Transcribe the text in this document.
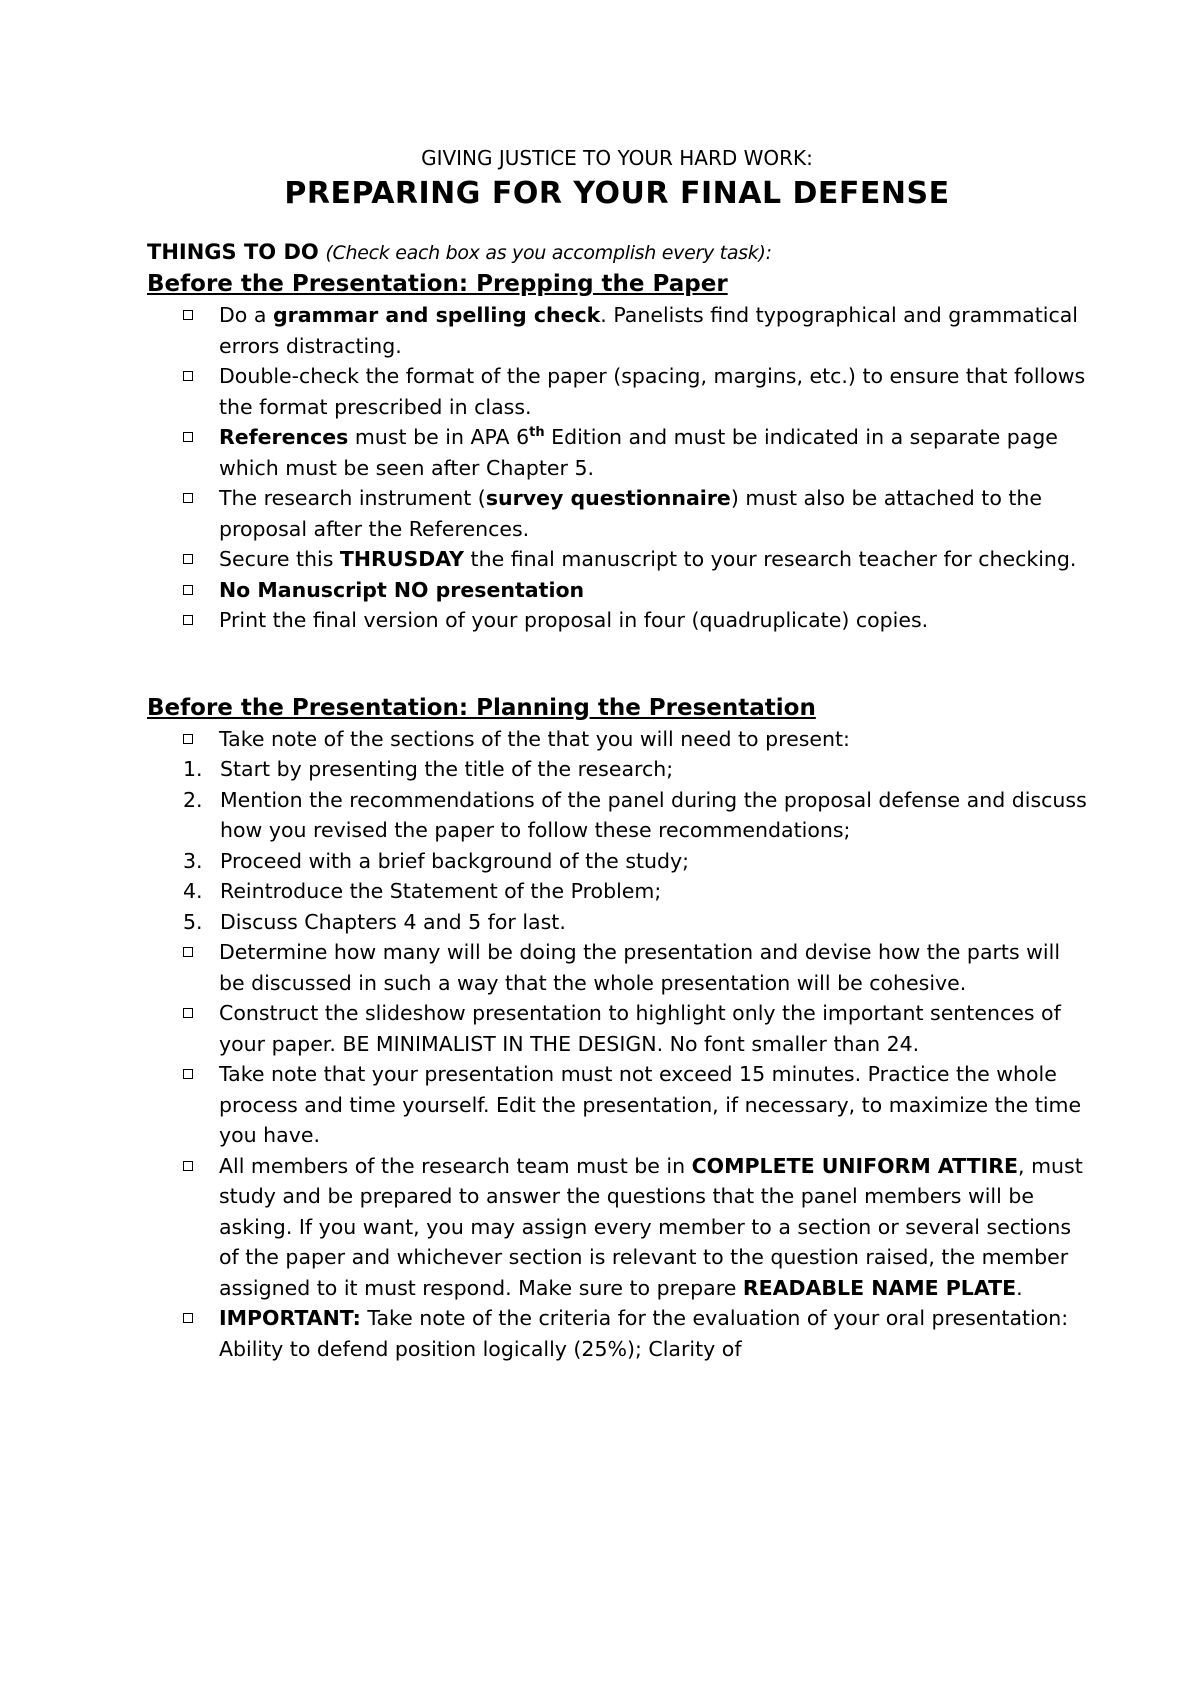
GIVING JUSTICE TO YOUR HARD WORK:
PREPARING FOR YOUR FINAL DEFENSE
THINGS TO DO (Check each box as you accomplish every task):
Before the Presentation: Prepping the Paper
Do a grammar and spelling check. Panelists find typographical and grammatical errors distracting.
Double-check the format of the paper (spacing, margins, etc.) to ensure that follows the format prescribed in class.
References must be in APA 6th Edition and must be indicated in a separate page which must be seen after Chapter 5.
The research instrument (survey questionnaire) must also be attached to the proposal after the References.
Secure this THRUSDAY the final manuscript to your research teacher for checking.
No Manuscript NO presentation
Print the final version of your proposal in four (quadruplicate) copies.
Before the Presentation: Planning the Presentation
Take note of the sections of the that you will need to present:
1. Start by presenting the title of the research;
2. Mention the recommendations of the panel during the proposal defense and discuss how you revised the paper to follow these recommendations;
3. Proceed with a brief background of the study;
4. Reintroduce the Statement of the Problem;
5. Discuss Chapters 4 and 5 for last.
Determine how many will be doing the presentation and devise how the parts will be discussed in such a way that the whole presentation will be cohesive.
Construct the slideshow presentation to highlight only the important sentences of your paper. BE MINIMALIST IN THE DESIGN. No font smaller than 24.
Take note that your presentation must not exceed 15 minutes. Practice the whole process and time yourself. Edit the presentation, if necessary, to maximize the time you have.
All members of the research team must be in COMPLETE UNIFORM ATTIRE, must study and be prepared to answer the questions that the panel members will be asking. If you want, you may assign every member to a section or several sections of the paper and whichever section is relevant to the question raised, the member assigned to it must respond. Make sure to prepare READABLE NAME PLATE.
IMPORTANT: Take note of the criteria for the evaluation of your oral presentation: Ability to defend position logically (25%); Clarity of
